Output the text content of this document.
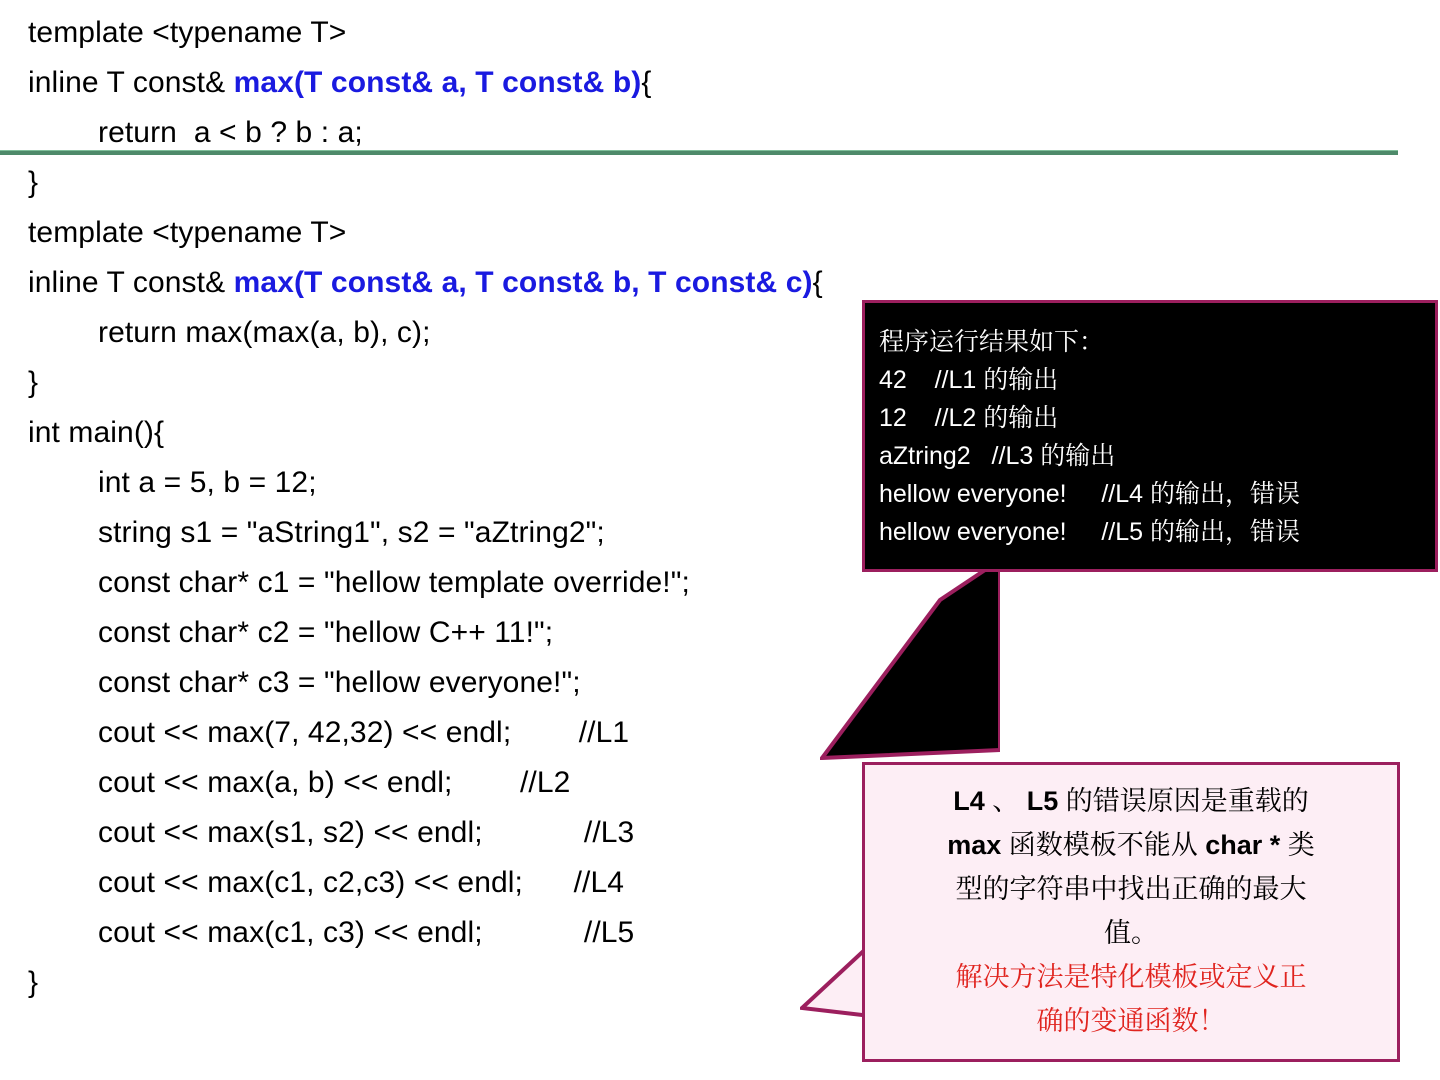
template <typename T>
inline T const& max(T const& a, T const& b){
return  a < b ? b : a;
}
template <typename T>
inline T const& max(T const& a, T const& b, T const& c){
return max(max(a, b), c);
}
int main(){
int a = 5, b = 12;
string s1 = "aString1", s2 = "aZtring2";
const char* c1 = "hellow template override!";
const char* c2 = "hellow C++ 11!";
const char* c3 = "hellow everyone!";
cout << max(7, 42,32) << endl;        //L1
cout << max(a, b) << endl;        //L2
cout << max(s1, s2) << endl;            //L3
cout << max(c1, c2,c3) << endl;      //L4
cout << max(c1, c3) << endl;            //L5
}
程序运行结果如下：
42    //L1 的输出
12    //L2 的输出
aZtring2   //L3 的输出
hellow everyone!     //L4 的输出，错误
hellow everyone!     //L5 的输出，错误
L4 、 L5 的错误原因是重载的
max 函数模板不能从 char * 类
型的字符串中找出正确的最大
值。
解决方法是特化模板或定义正
确的变通函数！
